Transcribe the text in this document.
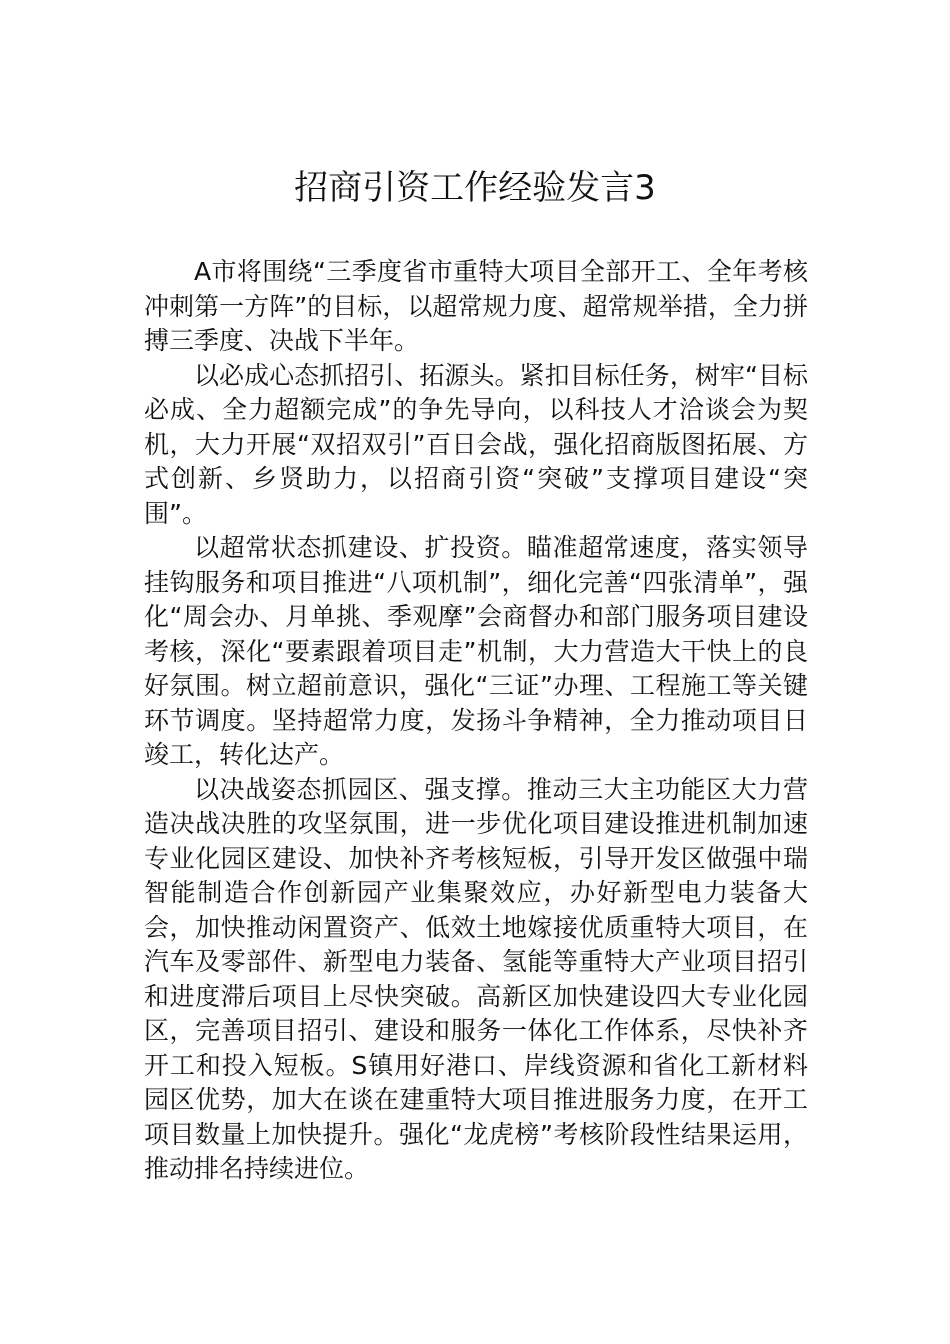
招商引资工作经验发言3

A市将围绕“三季度省市重特大项目全部开工、全年考核冲刺第一方阵”的目标，以超常规力度、超常规举措，全力拼搏三季度、决战下半年。

以必成心态抓招引、拓源头。紧扣目标任务，树牢“目标必成、全力超额完成”的争先导向，以科技人才洽谈会为契机，大力开展“双招双引”百日会战，强化招商版图拓展、方式创新、乡贤助力，以招商引资“突破”支撑项目建设“突围”。

以超常状态抓建设、扩投资。瞄准超常速度，落实领导挂钩服务和项目推进“八项机制”，细化完善“四张清单”，强化“周会办、月单挑、季观摩”会商督办和部门服务项目建设考核，深化“要素跟着项目走”机制，大力营造大干快上的良好氛围。树立超前意识，强化“三证”办理、工程施工等关键环节调度。坚持超常力度，发扬斗争精神，全力推动项目日竣工，转化达产。

以决战姿态抓园区、强支撑。推动三大主功能区大力营造决战决胜的攻坚氛围，进一步优化项目建设推进机制加速专业化园区建设、加快补齐考核短板，引导开发区做强中瑞智能制造合作创新园产业集聚效应，办好新型电力装备大会，加快推动闲置资产、低效土地嫁接优质重特大项目，在汽车及零部件、新型电力装备、氢能等重特大产业项目招引和进度滞后项目上尽快突破。高新区加快建设四大专业化园区，完善项目招引、建设和服务一体化工作体系，尽快补齐开工和投入短板。S镇用好港口、岸线资源和省化工新材料园区优势，加大在谈在建重特大项目推进服务力度，在开工项目数量上加快提升。强化“龙虎榜”考核阶段性结果运用，推动排名持续进位。
